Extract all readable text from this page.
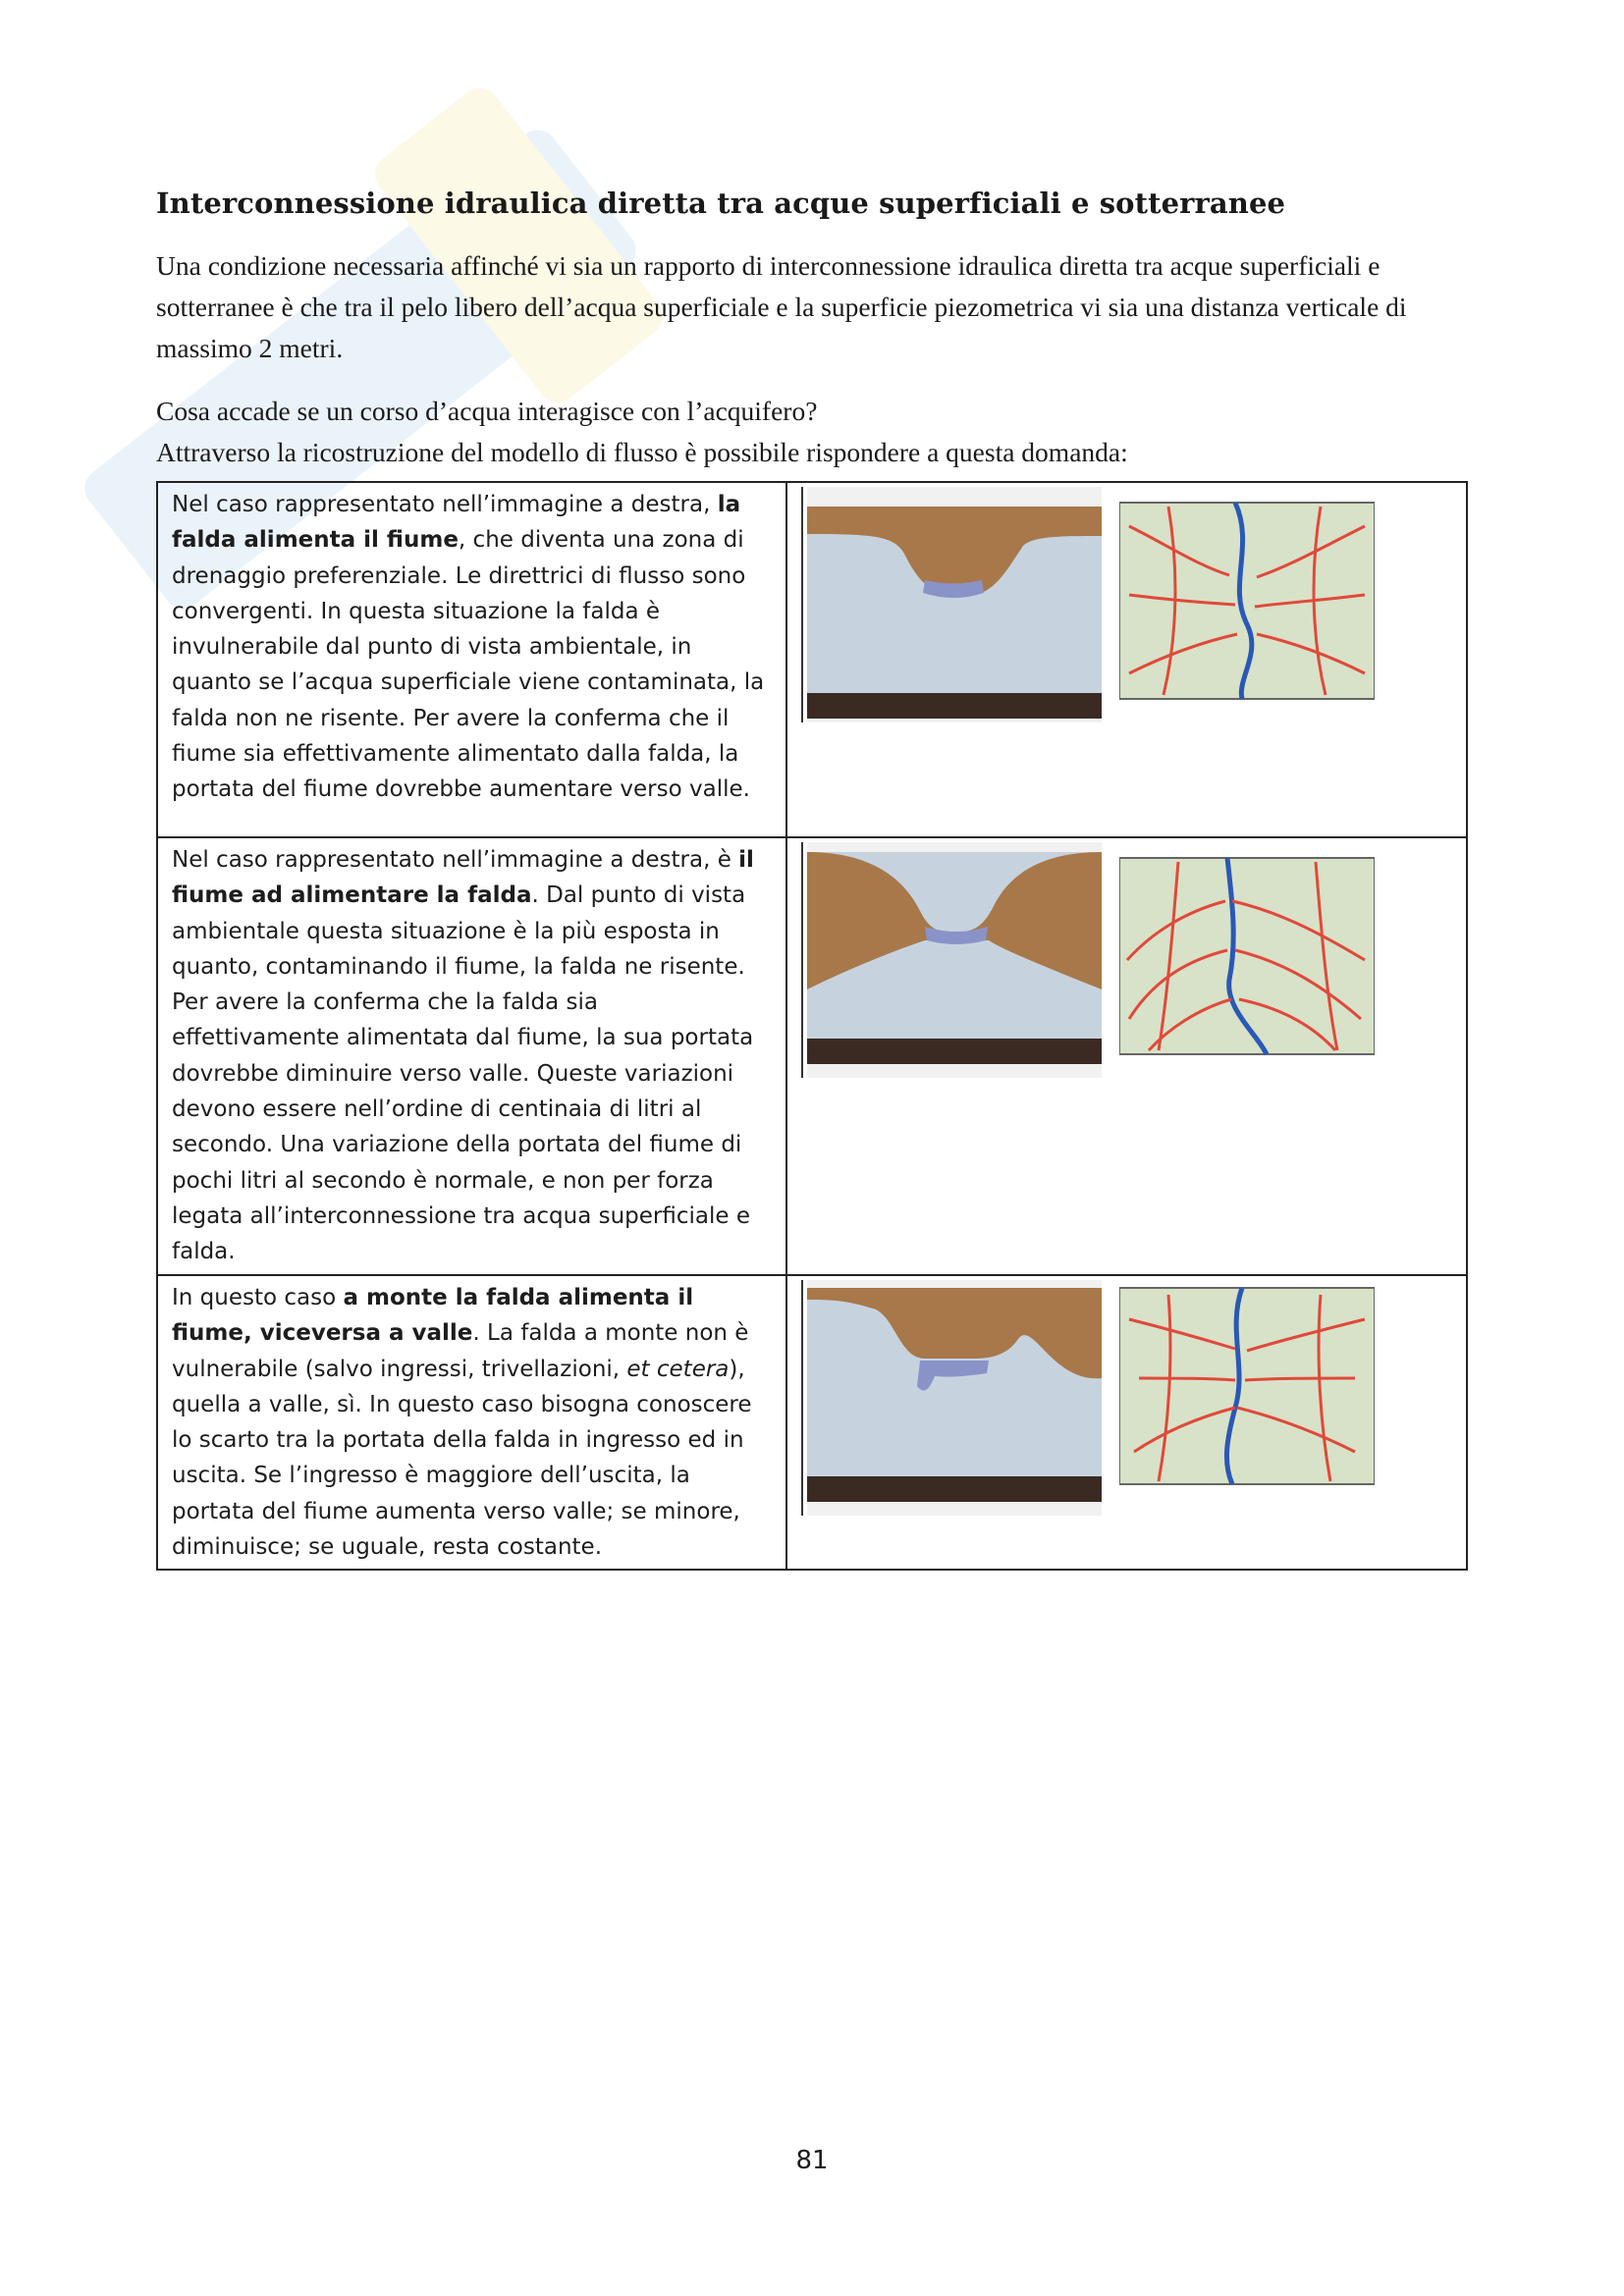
Interconnessione idraulica diretta tra acque superficiali e sotterranee

Una condizione necessaria affinché vi sia un rapporto di interconnessione idraulica diretta tra acque superficiali e sotterranee è che tra il pelo libero dell’acqua superficiale e la superficie piezometrica vi sia una distanza verticale di massimo 2 metri.

Cosa accade se un corso d’acqua interagisce con l’acquifero?

Attraverso la ricostruzione del modello di flusso è possibile rispondere a questa domanda:

Nel caso rappresentato nell’immagine a destra, la falda alimenta il fiume, che diventa una zona di drenaggio preferenziale. Le direttrici di flusso sono convergenti. In questa situazione la falda è invulnerabile dal punto di vista ambientale, in quanto se l’acqua superficiale viene contaminata, la falda non ne risente. Per avere la conferma che il fiume sia effettivamente alimentato dalla falda, la portata del fiume dovrebbe aumentare verso valle.	

Nel caso rappresentato nell’immagine a destra, è il fiume ad alimentare la falda. Dal punto di vista ambientale questa situazione è la più esposta in quanto, contaminando il fiume, la falda ne risente. Per avere la conferma che la falda sia effettivamente alimentata dal fiume, la sua portata dovrebbe diminuire verso valle. Queste variazioni devono essere nell’ordine di centinaia di litri al secondo. Una variazione della portata del fiume di pochi litri al secondo è normale, e non per forza legata all’interconnessione tra acqua superficiale e falda.	

In questo caso a monte la falda alimenta il fiume, viceversa a valle. La falda a monte non è vulnerabile (salvo ingressi, trivellazioni, et cetera), quella a valle, sì. In questo caso bisogna conoscere lo scarto tra la portata della falda in ingresso ed in uscita. Se l’ingresso è maggiore dell’uscita, la portata del fiume aumenta verso valle; se minore, diminuisce; se uguale, resta costante.	
81
